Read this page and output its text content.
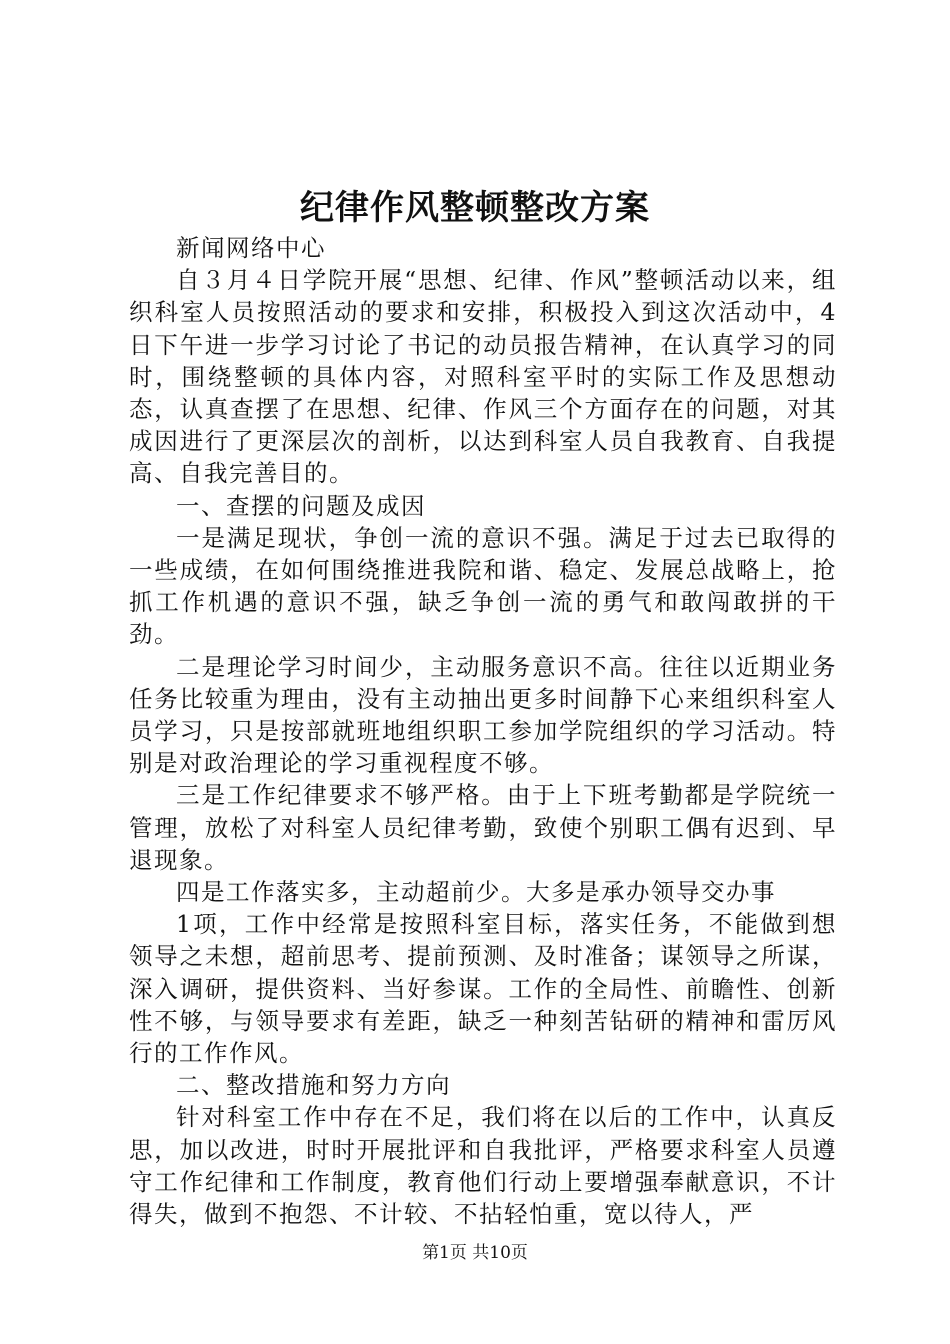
纪律作风整顿整改方案

新闻网络中心

自３月４日学院开展“思想、纪律、作风”整顿活动以来，组织科室人员按照活动的要求和安排，积极投入到这次活动中，4日下午进一步学习讨论了书记的动员报告精神，在认真学习的同时，围绕整顿的具体内容，对照科室平时的实际工作及思想动态，认真查摆了在思想、纪律、作风三个方面存在的问题，对其成因进行了更深层次的剖析，以达到科室人员自我教育、自我提高、自我完善目的。

一、查摆的问题及成因

一是满足现状，争创一流的意识不强。满足于过去已取得的一些成绩，在如何围绕推进我院和谐、稳定、发展总战略上，抢抓工作机遇的意识不强，缺乏争创一流的勇气和敢闯敢拼的干劲。

二是理论学习时间少，主动服务意识不高。往往以近期业务任务比较重为理由，没有主动抽出更多时间静下心来组织科室人员学习，只是按部就班地组织职工参加学院组织的学习活动。特别是对政治理论的学习重视程度不够。

三是工作纪律要求不够严格。由于上下班考勤都是学院统一管理，放松了对科室人员纪律考勤，致使个别职工偶有迟到、早退现象。

四是工作落实多，主动超前少。大多是承办领导交办事

1项，工作中经常是按照科室目标，落实任务，不能做到想领导之未想，超前思考、提前预测、及时准备；谋领导之所谋，深入调研，提供资料、当好参谋。工作的全局性、前瞻性、创新性不够，与领导要求有差距，缺乏一种刻苦钻研的精神和雷厉风行的工作作风。

二、整改措施和努力方向

针对科室工作中存在不足，我们将在以后的工作中，认真反思，加以改进，时时开展批评和自我批评，严格要求科室人员遵守工作纪律和工作制度，教育他们行动上要增强奉献意识，不计得失，做到不抱怨、不计较、不拈轻怕重，宽以待人，严

第1页 共10页
